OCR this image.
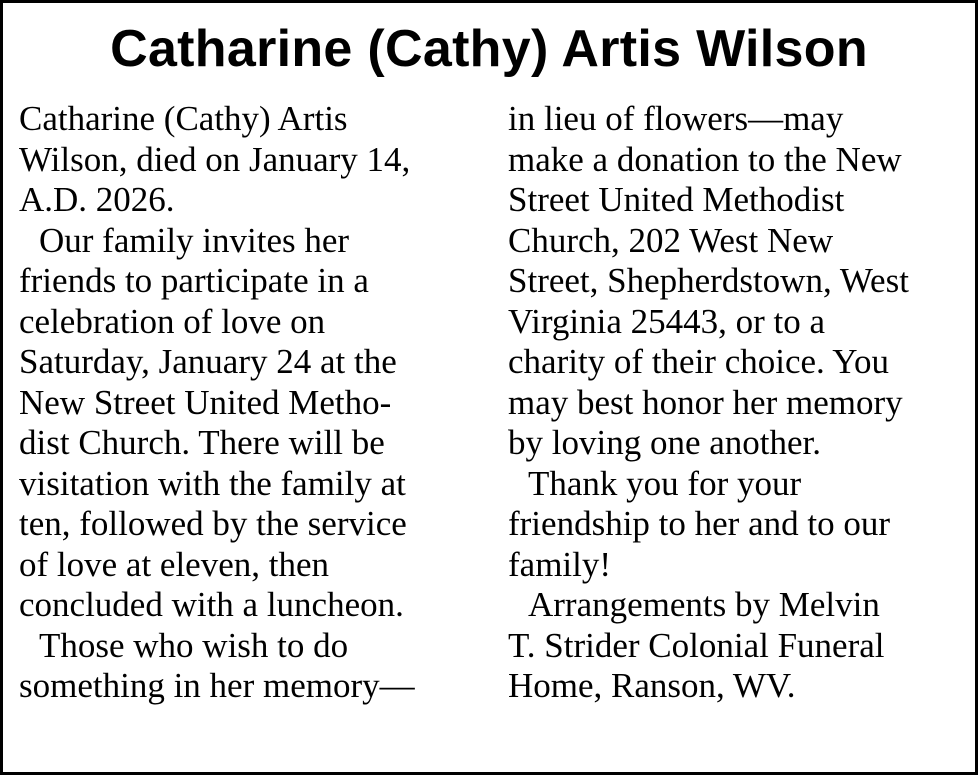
Catharine (Cathy) Artis Wilson
Catharine (Cathy) Artis
Wilson, died on January 14,
A.D. 2026.
Our family invites her
friends to participate in a
celebration of love on
Saturday, January 24 at the
New Street United Metho-
dist Church. There will be
visitation with the family at
ten, followed by the service
of love at eleven, then
concluded with a luncheon.
Those who wish to do
something in her memory—
in lieu of flowers—may
make a donation to the New
Street United Methodist
Church, 202 West New
Street, Shepherdstown, West
Virginia 25443, or to a
charity of their choice. You
may best honor her memory
by loving one another.
Thank you for your
friendship to her and to our
family!
Arrangements by Melvin
T. Strider Colonial Funeral
Home, Ranson, WV.
